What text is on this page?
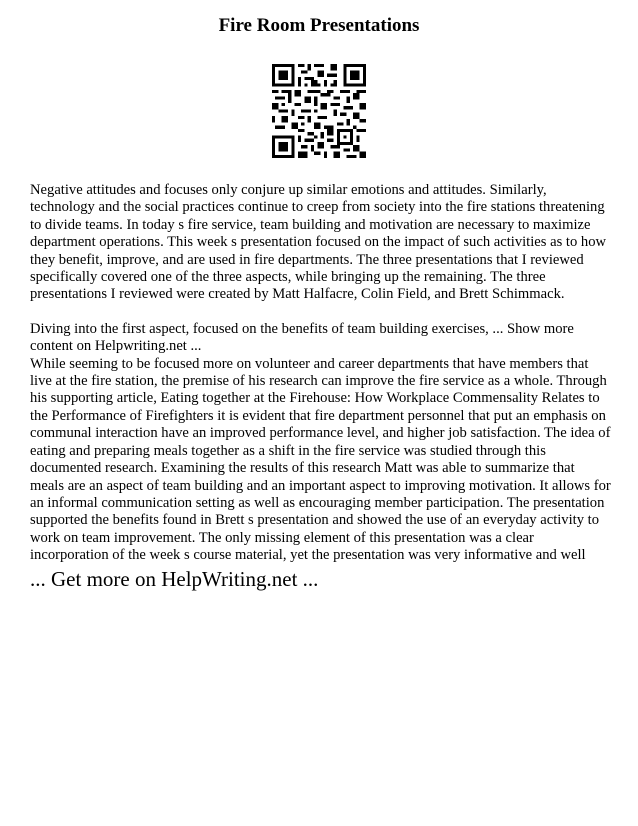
Fire Room Presentations

Negative attitudes and focuses only conjure up similar emotions and attitudes. Similarly, technology and the social practices continue to creep from society into the fire stations threatening to divide teams. In today s fire service, team building and motivation are necessary to maximize department operations. This week s presentation focused on the impact of such activities as to how they benefit, improve, and are used in fire departments. The three presentations that I reviewed specifically covered one of the three aspects, while bringing up the remaining. The three presentations I reviewed were created by Matt Halfacre, Colin Field, and Brett Schimmack.

Diving into the first aspect, focused on the benefits of team building exercises, ... Show more content on Helpwriting.net ...

While seeming to be focused more on volunteer and career departments that have members that live at the fire station, the premise of his research can improve the fire service as a whole. Through his supporting article, Eating together at the Firehouse: How Workplace Commensality Relates to the Performance of Firefighters it is evident that fire department personnel that put an emphasis on communal interaction have an improved performance level, and higher job satisfaction. The idea of eating and preparing meals together as a shift in the fire service was studied through this documented research. Examining the results of this research Matt was able to summarize that meals are an aspect of team building and an important aspect to improving motivation. It allows for an informal communication setting as well as encouraging member participation. The presentation supported the benefits found in Brett s presentation and showed the use of an everyday activity to work on team improvement. The only missing element of this presentation was a clear incorporation of the week s course material, yet the presentation was very informative and well

... Get more on HelpWriting.net ...
